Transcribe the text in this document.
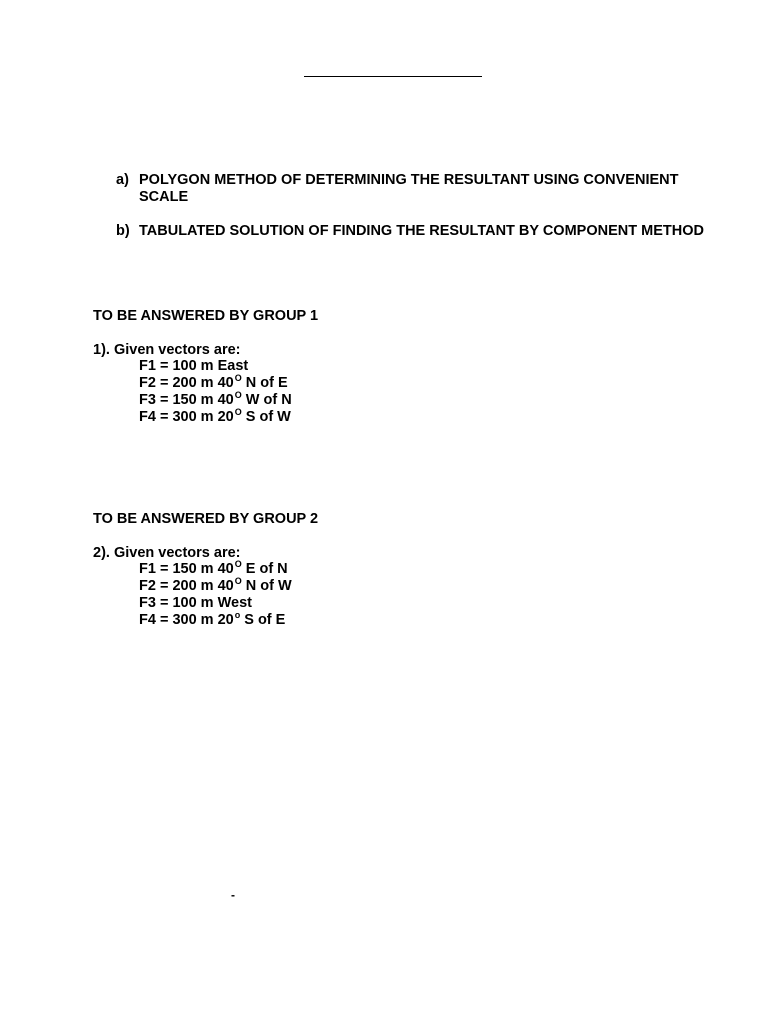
a) POLYGON METHOD OF DETERMINING THE RESULTANT USING CONVENIENT SCALE
b) TABULATED SOLUTION OF FINDING THE RESULTANT BY COMPONENT METHOD
TO BE ANSWERED BY GROUP 1
1). Given vectors are:
F1 = 100 m East
F2 = 200 m $40^O$ N of E
F3 = 150 m $40^O$ W of N
F4 = 300 m $20^O$ S of W
TO BE ANSWERED BY GROUP 2
2). Given vectors are:
F1 = 150 m $40^O$ E of N
F2 = 200 m $40^O$ N of W
F3 = 100 m West
F4 = 300 m 20$^o$ S of E
-
